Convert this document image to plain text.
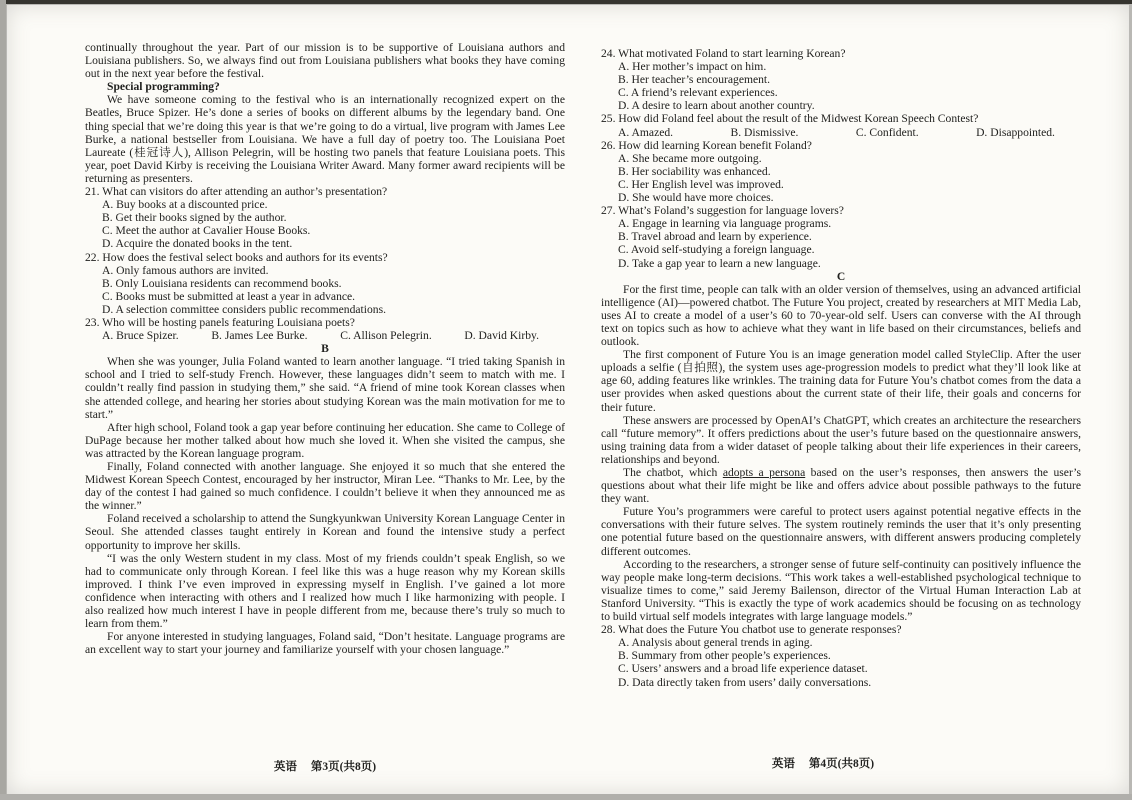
continually throughout the year. Part of our mission is to be supportive of Louisiana authors and Louisiana publishers. So, we always find out from Louisiana publishers what books they have coming out in the next year before the festival.

Special programming?

We have someone coming to the festival who is an internationally recognized expert on the Beatles, Bruce Spizer. He’s done a series of books on different albums by the legendary band. One thing special that we’re doing this year is that we’re going to do a virtual, live program with James Lee Burke, a national bestseller from Louisiana. We have a full day of poetry too. The Louisiana Poet Laureate (桂冠诗人), Allison Pelegrin, will be hosting two panels that feature Louisiana poets. This year, poet David Kirby is receiving the Louisiana Writer Award. Many former award recipients will be returning as presenters.

21. What can visitors do after attending an author’s presentation?
A. Buy books at a discounted price.
B. Get their books signed by the author.
C. Meet the author at Cavalier House Books.
D. Acquire the donated books in the tent.
22. How does the festival select books and authors for its events?
A. Only famous authors are invited.
B. Only Louisiana residents can recommend books.
C. Books must be submitted at least a year in advance.
D. A selection committee considers public recommendations.
23. Who will be hosting panels featuring Louisiana poets?
A. Bruce Spizer.	B. James Lee Burke.	C. Allison Pelegrin.	D. David Kirby.
B

When she was younger, Julia Foland wanted to learn another language. “I tried taking Spanish in school and I tried to self-study French. However, these languages didn’t seem to match with me. I couldn’t really find passion in studying them,” she said. “A friend of mine took Korean classes when she attended college, and hearing her stories about studying Korean was the main motivation for me to start.”

After high school, Foland took a gap year before continuing her education. She came to College of DuPage because her mother talked about how much she loved it. When she visited the campus, she was attracted by the Korean language program.

Finally, Foland connected with another language. She enjoyed it so much that she entered the Midwest Korean Speech Contest, encouraged by her instructor, Miran Lee. “Thanks to Mr. Lee, by the day of the contest I had gained so much confidence. I couldn’t believe it when they announced me as the winner.”

Foland received a scholarship to attend the Sungkyunkwan University Korean Language Center in Seoul. She attended classes taught entirely in Korean and found the intensive study a perfect opportunity to improve her skills.

“I was the only Western student in my class. Most of my friends couldn’t speak English, so we had to communicate only through Korean. I feel like this was a huge reason why my Korean skills improved. I think I’ve even improved in expressing myself in English. I’ve gained a lot more confidence when interacting with others and I realized how much I like harmonizing with people. I also realized how much interest I have in people different from me, because there’s truly so much to learn from them.”

For anyone interested in studying languages, Foland said, “Don’t hesitate. Language programs are an excellent way to start your journey and familiarize yourself with your chosen language.”

24. What motivated Foland to start learning Korean?
A. Her mother’s impact on him.
B. Her teacher’s encouragement.
C. A friend’s relevant experiences.
D. A desire to learn about another country.
25. How did Foland feel about the result of the Midwest Korean Speech Contest?
A. Amazed.	B. Dismissive.	C. Confident.	D. Disappointed.
26. How did learning Korean benefit Foland?
A. She became more outgoing.
B. Her sociability was enhanced.
C. Her English level was improved.
D. She would have more choices.
27. What’s Foland’s suggestion for language lovers?
A. Engage in learning via language programs.
B. Travel abroad and learn by experience.
C. Avoid self-studying a foreign language.
D. Take a gap year to learn a new language.
C

For the first time, people can talk with an older version of themselves, using an advanced artificial intelligence (AI)—powered chatbot. The Future You project, created by researchers at MIT Media Lab, uses AI to create a model of a user’s 60 to 70-year-old self. Users can converse with the AI through text on topics such as how to achieve what they want in life based on their circumstances, beliefs and outlook.

The first component of Future You is an image generation model called StyleClip. After the user uploads a selfie (自拍照), the system uses age-progression models to predict what they’ll look like at age 60, adding features like wrinkles. The training data for Future You’s chatbot comes from the data a user provides when asked questions about the current state of their life, their goals and concerns for their future.

These answers are processed by OpenAI’s ChatGPT, which creates an architecture the researchers call “future memory”. It offers predictions about the user’s future based on the questionnaire answers, using training data from a wider dataset of people talking about their life experiences in their careers, relationships and beyond.

The chatbot, which adopts a persona based on the user’s responses, then answers the user’s questions about what their life might be like and offers advice about possible pathways to the future they want.

Future You’s programmers were careful to protect users against potential negative effects in the conversations with their future selves. The system routinely reminds the user that it’s only presenting one potential future based on the questionnaire answers, with different answers producing completely different outcomes.

According to the researchers, a stronger sense of future self-continuity can positively influence the way people make long-term decisions. “This work takes a well-established psychological technique to visualize times to come,” said Jeremy Bailenson, director of the Virtual Human Interaction Lab at Stanford University. “This is exactly the type of work academics should be focusing on as technology to build virtual self models integrates with large language models.”

28. What does the Future You chatbot use to generate responses?
A. Analysis about general trends in aging.
B. Summary from other people’s experiences.
C. Users’ answers and a broad life experience dataset.
D. Data directly taken from users’ daily conversations.
英语 第3页(共8页)	英语 第4页(共8页)
